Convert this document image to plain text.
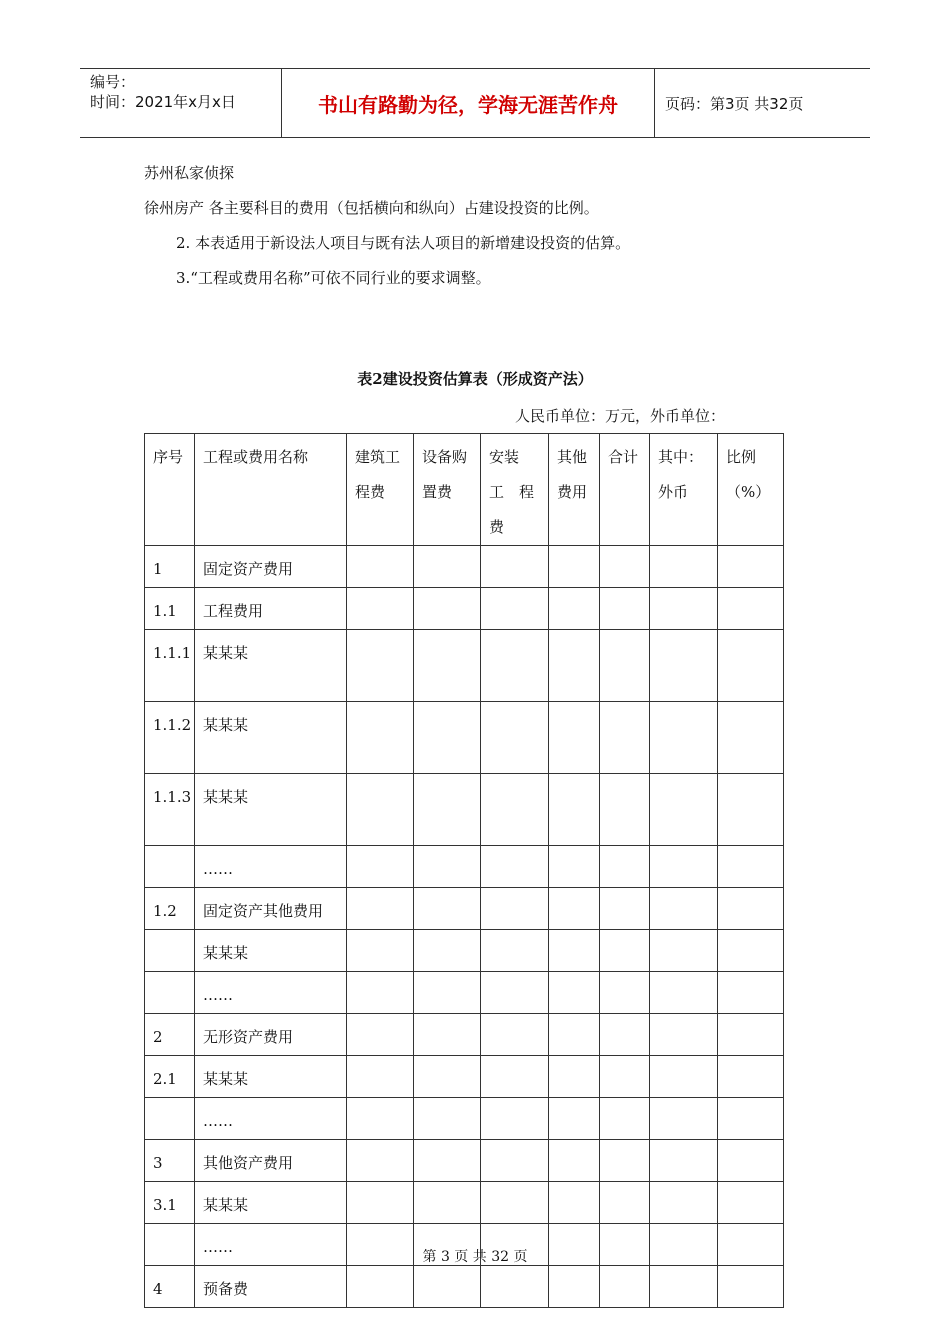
编号：
时间：2021年x月x日	书山有路勤为径，学海无涯苦作舟	页码：第3页 共32页
苏州私家侦探
徐州房产 各主要科目的费用（包括横向和纵向）占建设投资的比例。
2. 本表适用于新设法人项目与既有法人项目的新增建设投资的估算。
3.“工程或费用名称”可依不同行业的要求调整。
表2建设投资估算表（形成资产法）
人民币单位：万元，外币单位：
序号	工程或费用名称	建筑工程费	设备购置费	安装　工　程费	其他费用	合计	其中：外币	比例（%）
1	固定资产费用							
1.1	工程费用							
1.1.1	某某某							
1.1.2	某某某							
1.1.3	某某某							
	……							
1.2	固定资产其他费用							
	某某某							
	……							
2	无形资产费用							
2.1	某某某							
	……							
3	其他资产费用							
3.1	某某某							
	……							
4	预备费							
第 3 页 共 32 页
